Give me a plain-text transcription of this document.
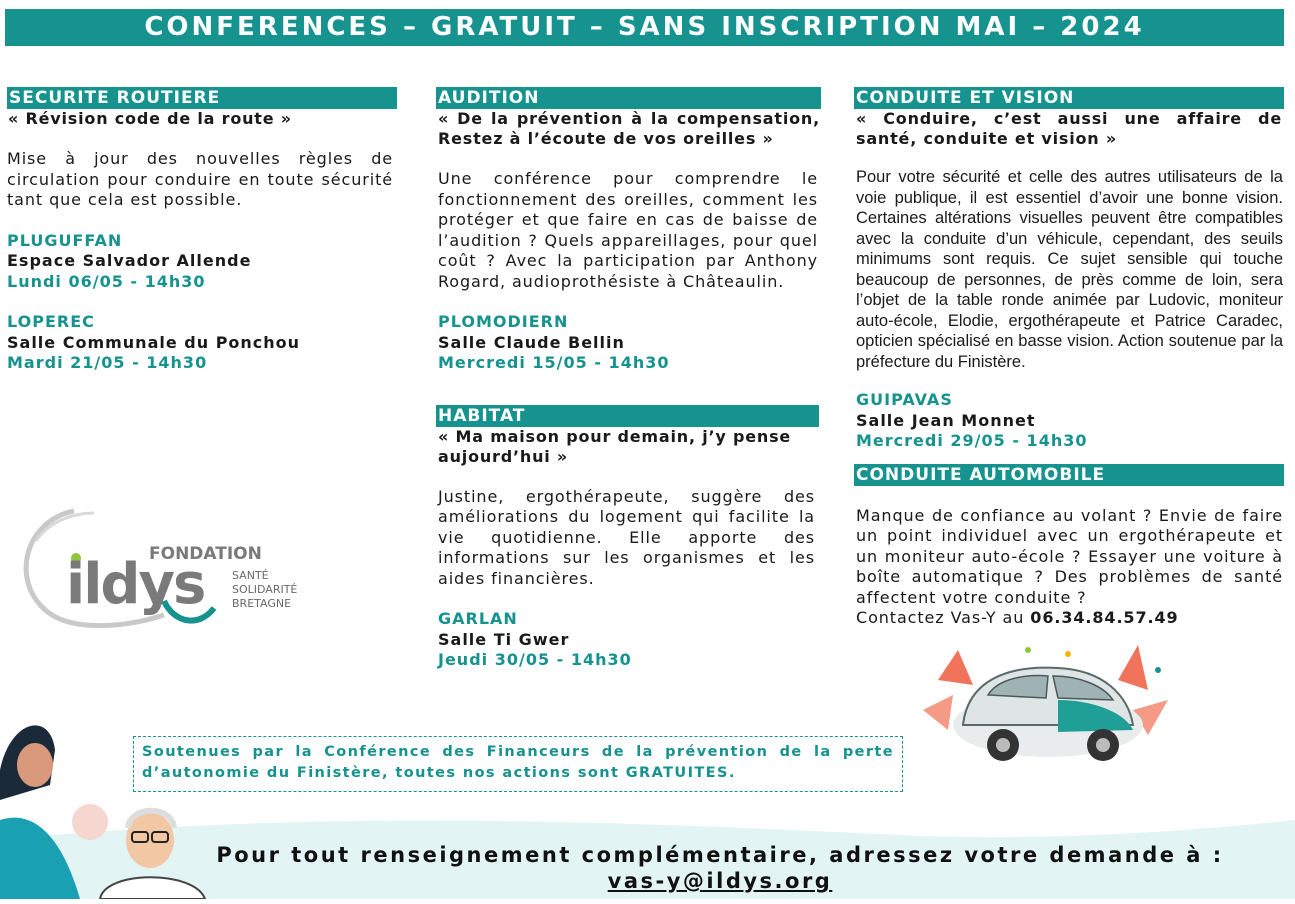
CONFERENCES – GRATUIT – SANS INSCRIPTION MAI – 2024
SECURITE ROUTIERE
« Révision code de la route »
Mise à jour des nouvelles règles de circulation pour conduire en toute sécurité tant que cela est possible.
PLUGUFFAN
Espace Salvador Allende
Lundi 06/05 - 14h30
LOPEREC
Salle Communale du Ponchou
Mardi 21/05 - 14h30
FONDATION
ildys	SANTÉ
SOLIDARITÉ
BRETAGNE
AUDITION
« De la prévention à la compensation, Restez à l’écoute de vos oreilles »
Une conférence pour comprendre le fonctionnement des oreilles, comment les protéger et que faire en cas de baisse de l’audition ? Quels appareillages, pour quel coût ? Avec la participation par Anthony Rogard, audioprothésiste à Châteaulin.
PLOMODIERN
Salle Claude Bellin
Mercredi 15/05 - 14h30
HABITAT
« Ma maison pour demain, j’y pense aujourd’hui »
Justine, ergothérapeute, suggère des améliorations du logement qui facilite la vie quotidienne. Elle apporte des informations sur les organismes et les aides financières.
GARLAN
Salle Ti Gwer
Jeudi 30/05 - 14h30
CONDUITE ET VISION
« Conduire, c’est aussi une affaire de santé, conduite et vision »
Pour votre sécurité et celle des autres utilisateurs de la voie publique, il est essentiel d’avoir une bonne vision. Certaines altérations visuelles peuvent être compatibles avec la conduite d’un véhicule, cependant, des seuils minimums sont requis. Ce sujet sensible qui touche beaucoup de personnes, de près comme de loin, sera l’objet de la table ronde animée par Ludovic, moniteur auto-école, Elodie, ergothérapeute et Patrice Caradec, opticien spécialisé en basse vision. Action soutenue par la préfecture du Finistère.
GUIPAVAS
Salle Jean Monnet
Mercredi 29/05 - 14h30
CONDUITE AUTOMOBILE
Manque de confiance au volant ? Envie de faire un point individuel avec un ergothérapeute et un moniteur auto-école ? Essayer une voiture à boîte automatique ? Des problèmes de santé affectent votre conduite ?
Contactez Vas-Y au 06.34.84.57.49
Soutenues par la Conférence des Financeurs de la prévention de la perte d’autonomie du Finistère, toutes nos actions sont GRATUITES.
Pour tout renseignement complémentaire, adressez votre demande à :
vas-y@ildys.org
